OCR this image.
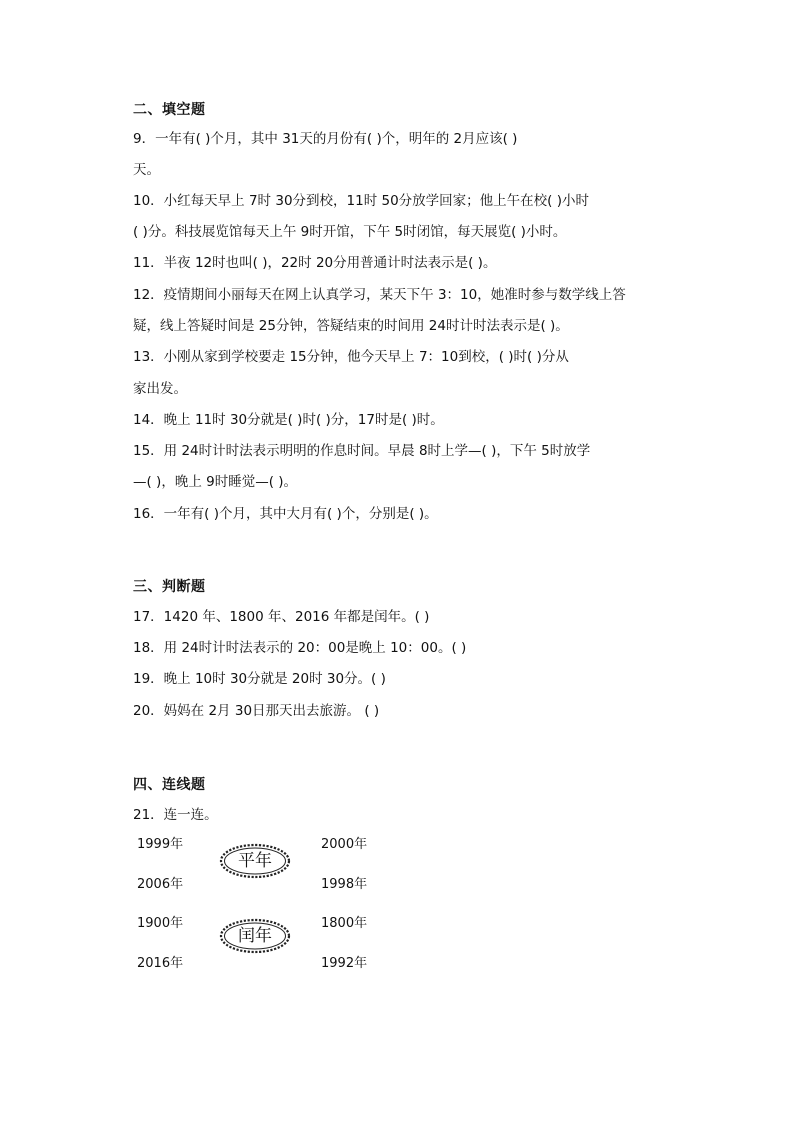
二、填空题
9．一年有( )个月，其中 31天的月份有( )个，明年的 2月应该( )
天。
10．小红每天早上 7时 30分到校，11时 50分放学回家；他上午在校( )小时
( )分。科技展览馆每天上午 9时开馆，下午 5时闭馆，每天展览( )小时。
11．半夜 12时也叫( )，22时 20分用普通计时法表示是( )。
12．疫情期间小丽每天在网上认真学习，某天下午 3：10，她准时参与数学线上答
疑，线上答疑时间是 25分钟，答疑结束的时间用 24时计时法表示是( )。
13．小刚从家到学校要走 15分钟，他今天早上 7：10到校，( )时( )分从
家出发。
14．晚上 11时 30分就是( )时( )分，17时是( )时。
15．用 24时计时法表示明明的作息时间。早晨 8时上学—( )，下午 5时放学
—( )，晚上 9时睡觉—( )。
16．一年有( )个月，其中大月有( )个，分别是( )。
三、判断题
17．1420 年、1800 年、2016 年都是闰年。( )
18．用 24时计时法表示的 20：00是晚上 10：00。( )
19．晚上 10时 30分就是 20时 30分。( )
20．妈妈在 2月 30日那天出去旅游。 ( )
四、连线题
21．连一连。
1999年
2006年
1900年
2016年
2000年
1998年
1800年
1992年
平年
闰年
